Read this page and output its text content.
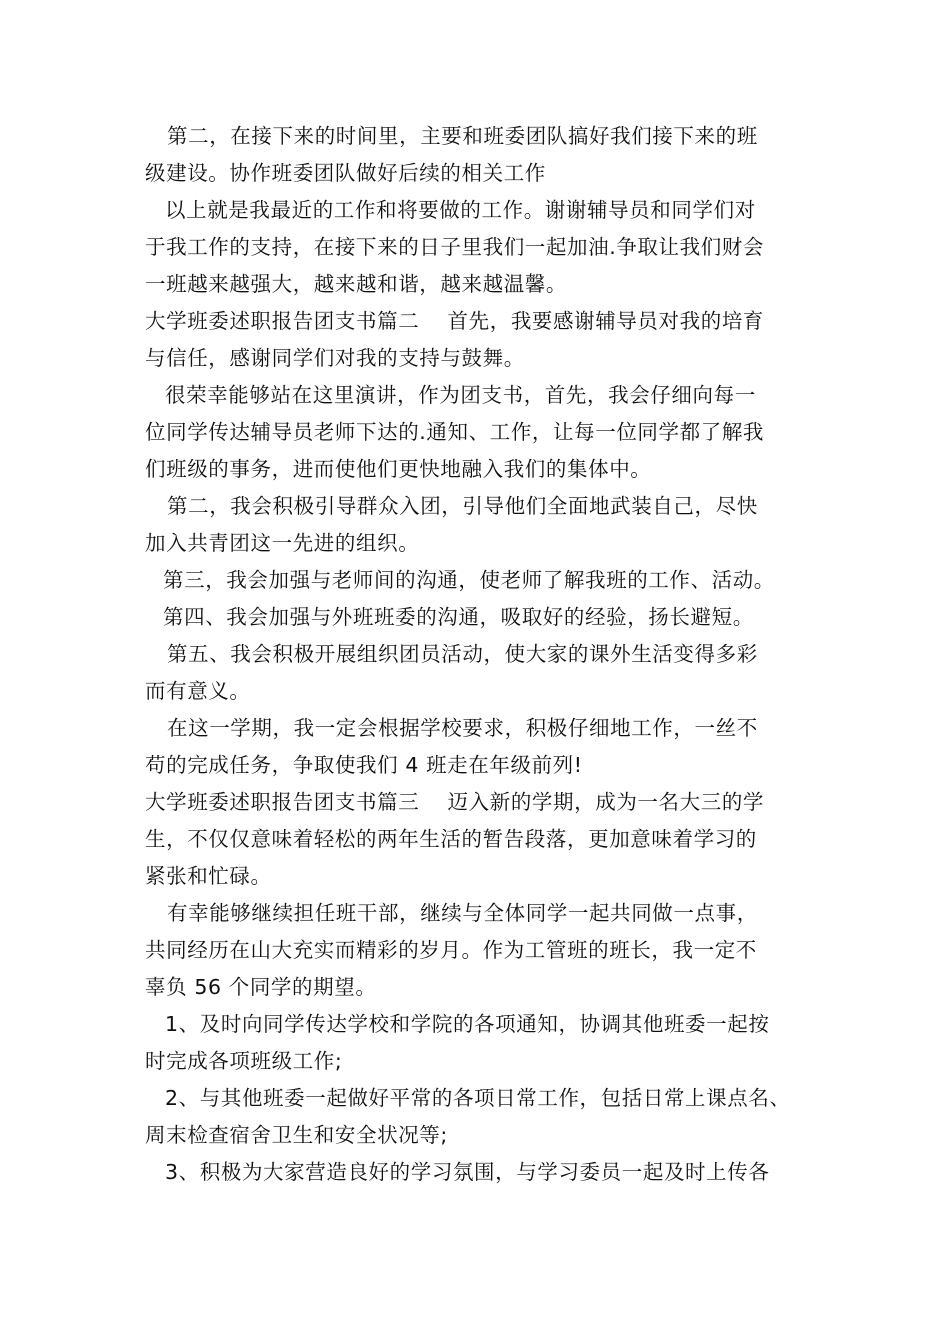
第二，在接下来的时间里，主要和班委团队搞好我们接下来的班
级建设。协作班委团队做好后续的相关工作

以上就是我最近的工作和将要做的工作。谢谢辅导员和同学们对
于我工作的支持，在接下来的日子里我们一起加油.争取让我们财会
一班越来越强大，越来越和谐，越来越温馨。

大学班委述职报告团支书篇二　 首先，我要感谢辅导员对我的培育
与信任，感谢同学们对我的支持与鼓舞。

很荣幸能够站在这里演讲，作为团支书，首先，我会仔细向每一
位同学传达辅导员老师下达的.通知、工作，让每一位同学都了解我
们班级的事务，进而使他们更快地融入我们的集体中。

第二，我会积极引导群众入团，引导他们全面地武装自己，尽快
加入共青团这一先进的组织。

第三，我会加强与老师间的沟通，使老师了解我班的工作、活动。

第四、我会加强与外班班委的沟通，吸取好的经验，扬长避短。

第五、我会积极开展组织团员活动，使大家的课外生活变得多彩
而有意义。

在这一学期，我一定会根据学校要求，积极仔细地工作，一丝不
苟的完成任务，争取使我们 4 班走在年级前列!

大学班委述职报告团支书篇三　 迈入新的学期，成为一名大三的学
生，不仅仅意味着轻松的两年生活的暂告段落，更加意味着学习的
紧张和忙碌。

有幸能够继续担任班干部，继续与全体同学一起共同做一点事，
共同经历在山大充实而精彩的岁月。作为工管班的班长，我一定不
辜负 56 个同学的期望。

1、及时向同学传达学校和学院的各项通知，协调其他班委一起按
时完成各项班级工作;

2、与其他班委一起做好平常的各项日常工作，包括日常上课点名、
周末检查宿舍卫生和安全状况等;

3、积极为大家营造良好的学习氛围，与学习委员一起及时上传各
